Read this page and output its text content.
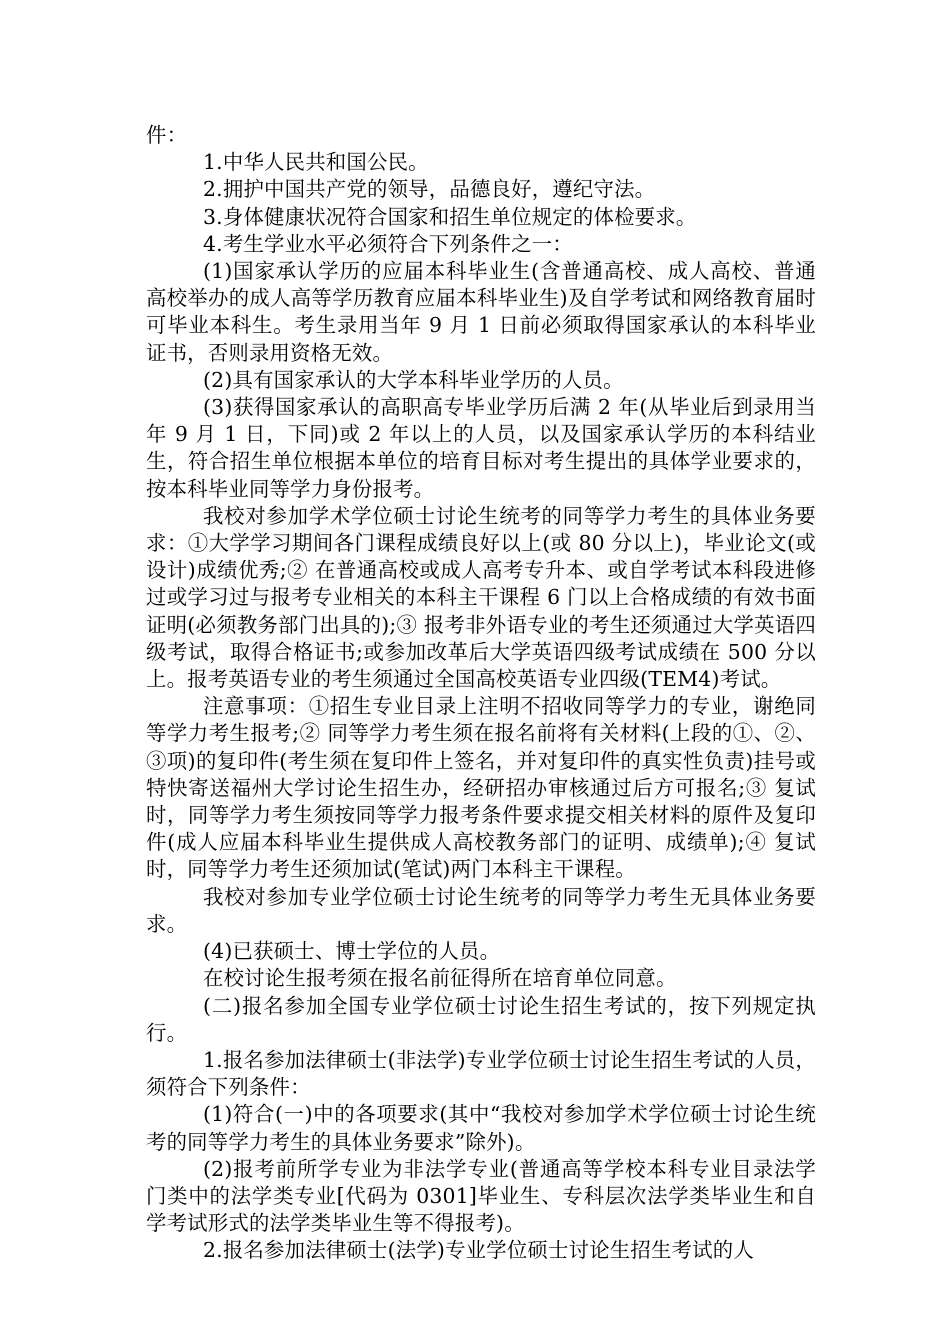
件：

1.中华人民共和国公民。

2.拥护中国共产党的领导，品德良好，遵纪守法。

3.身体健康状况符合国家和招生单位规定的体检要求。

4.考生学业水平必须符合下列条件之一：

(1)国家承认学历的应届本科毕业生(含普通高校、成人高校、普通高校举办的成人高等学历教育应届本科毕业生)及自学考试和网络教育届时可毕业本科生。考生录用当年 9 月 1 日前必须取得国家承认的本科毕业证书，否则录用资格无效。

(2)具有国家承认的大学本科毕业学历的人员。

(3)获得国家承认的高职高专毕业学历后满 2 年(从毕业后到录用当年 9 月 1 日，下同)或 2 年以上的人员，以及国家承认学历的本科结业生，符合招生单位根据本单位的培育目标对考生提出的具体学业要求的，按本科毕业同等学力身份报考。

我校对参加学术学位硕士讨论生统考的同等学力考生的具体业务要求：①大学学习期间各门课程成绩良好以上(或 80 分以上)，毕业论文(或设计)成绩优秀;② 在普通高校或成人高考专升本、或自学考试本科段进修过或学习过与报考专业相关的本科主干课程 6 门以上合格成绩的有效书面证明(必须教务部门出具的);③ 报考非外语专业的考生还须通过大学英语四级考试，取得合格证书;或参加改革后大学英语四级考试成绩在 500 分以上。报考英语专业的考生须通过全国高校英语专业四级(TEM4)考试。

注意事项：①招生专业目录上注明不招收同等学力的专业，谢绝同等学力考生报考;② 同等学力考生须在报名前将有关材料(上段的①、②、③项)的复印件(考生须在复印件上签名，并对复印件的真实性负责)挂号或特快寄送福州大学讨论生招生办，经研招办审核通过后方可报名;③ 复试时，同等学力考生须按同等学力报考条件要求提交相关材料的原件及复印件(成人应届本科毕业生提供成人高校教务部门的证明、成绩单);④ 复试时，同等学力考生还须加试(笔试)两门本科主干课程。

我校对参加专业学位硕士讨论生统考的同等学力考生无具体业务要求。

(4)已获硕士、博士学位的人员。

在校讨论生报考须在报名前征得所在培育单位同意。

(二)报名参加全国专业学位硕士讨论生招生考试的，按下列规定执行。

1.报名参加法律硕士(非法学)专业学位硕士讨论生招生考试的人员，须符合下列条件：

(1)符合(一)中的各项要求(其中“我校对参加学术学位硕士讨论生统考的同等学力考生的具体业务要求”除外)。

(2)报考前所学专业为非法学专业(普通高等学校本科专业目录法学门类中的法学类专业[代码为 0301]毕业生、专科层次法学类毕业生和自学考试形式的法学类毕业生等不得报考)。

2.报名参加法律硕士(法学)专业学位硕士讨论生招生考试的人
